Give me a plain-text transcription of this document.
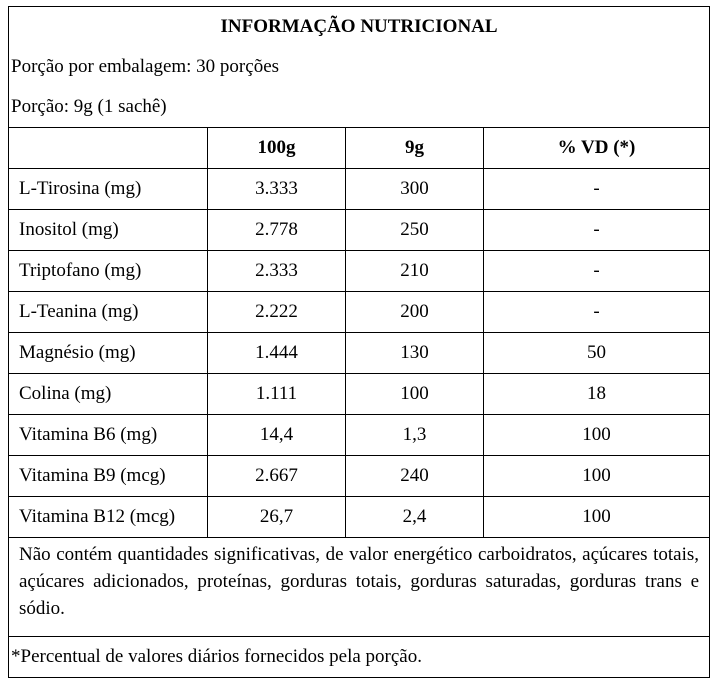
INFORMAÇÃO NUTRICIONAL			
Porção por embalagem: 30 porções			
Porção: 9g (1 sachê)			
	100g	9g	% VD (*)
L-Tirosina (mg)	3.333	300	-
Inositol (mg)	2.778	250	-
Triptofano (mg)	2.333	210	-
L-Teanina (mg)	2.222	200	-
Magnésio (mg)	1.444	130	50
Colina (mg)	1.111	100	18
Vitamina B6 (mg)	14,4	1,3	100
Vitamina B9 (mcg)	2.667	240	100
Vitamina B12 (mcg)	26,7	2,4	100
Não contém quantidades significativas, de valor energético carboidratos, açúcares totais, açúcares adicionados, proteínas, gorduras totais, gorduras saturadas, gorduras trans e sódio.			
*Percentual de valores diários fornecidos pela porção.			
